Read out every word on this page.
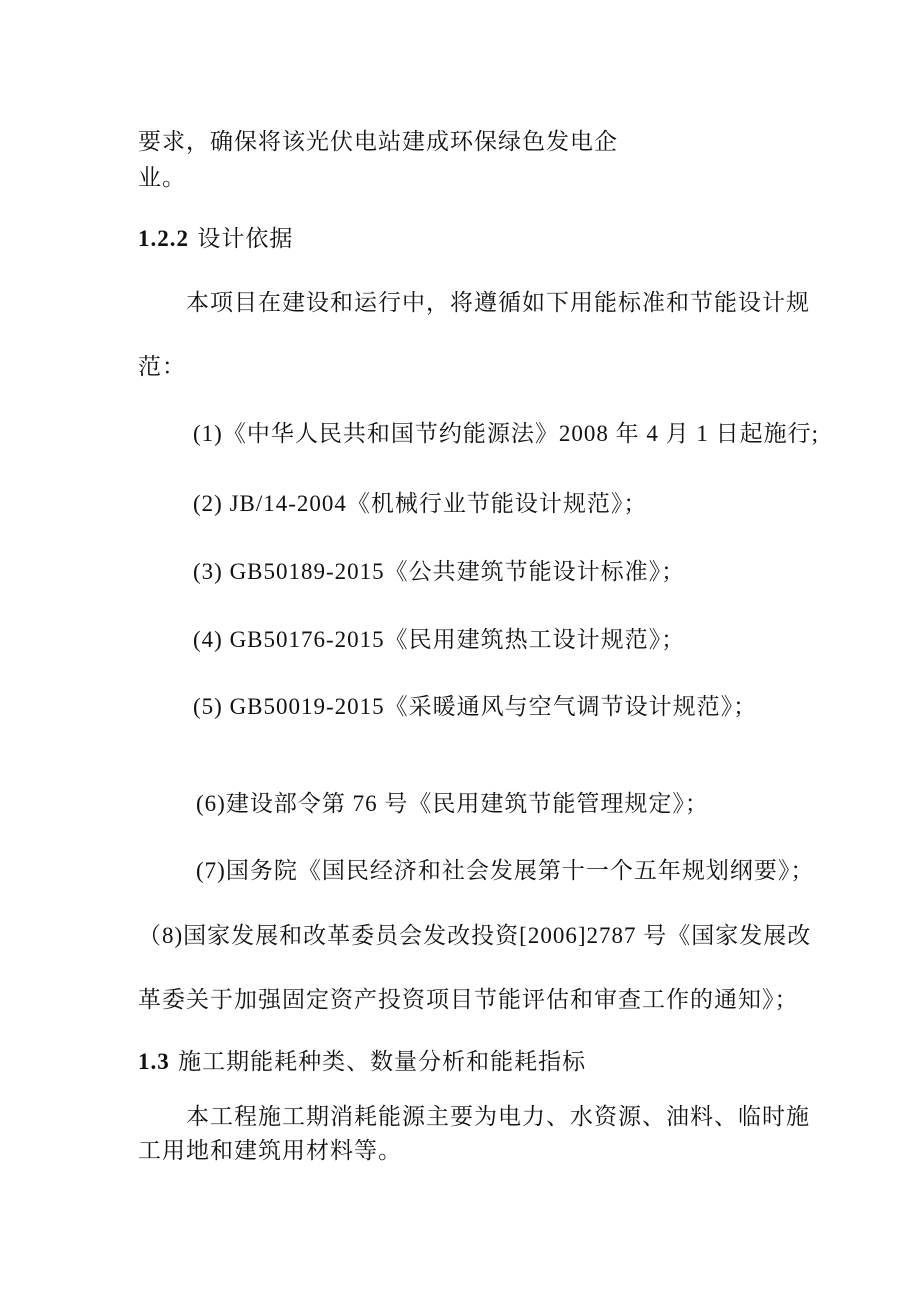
要求，确保将该光伏电站建成环保绿色发电企
业。
1.2.2 设计依据
本项目在建设和运行中，将遵循如下用能标准和节能设计规
范：
(1)《中华人民共和国节约能源法》2008 年 4 月 1 日起施行;
(2) JB/14-2004《机械行业节能设计规范》；
(3) GB50189-2015《公共建筑节能设计标准》；
(4) GB50176-2015《民用建筑热工设计规范》；
(5) GB50019-2015《采暖通风与空气调节设计规范》；
(6)建设部令第 76 号《民用建筑节能管理规定》；
(7)国务院《国民经济和社会发展第十一个五年规划纲要》；
（8)国家发展和改革委员会发改投资[2006]2787 号《国家发展改
革委关于加强固定资产投资项目节能评估和审查工作的通知》；
1.3 施工期能耗种类、数量分析和能耗指标
本工程施工期消耗能源主要为电力、水资源、油料、临时施
工用地和建筑用材料等。
